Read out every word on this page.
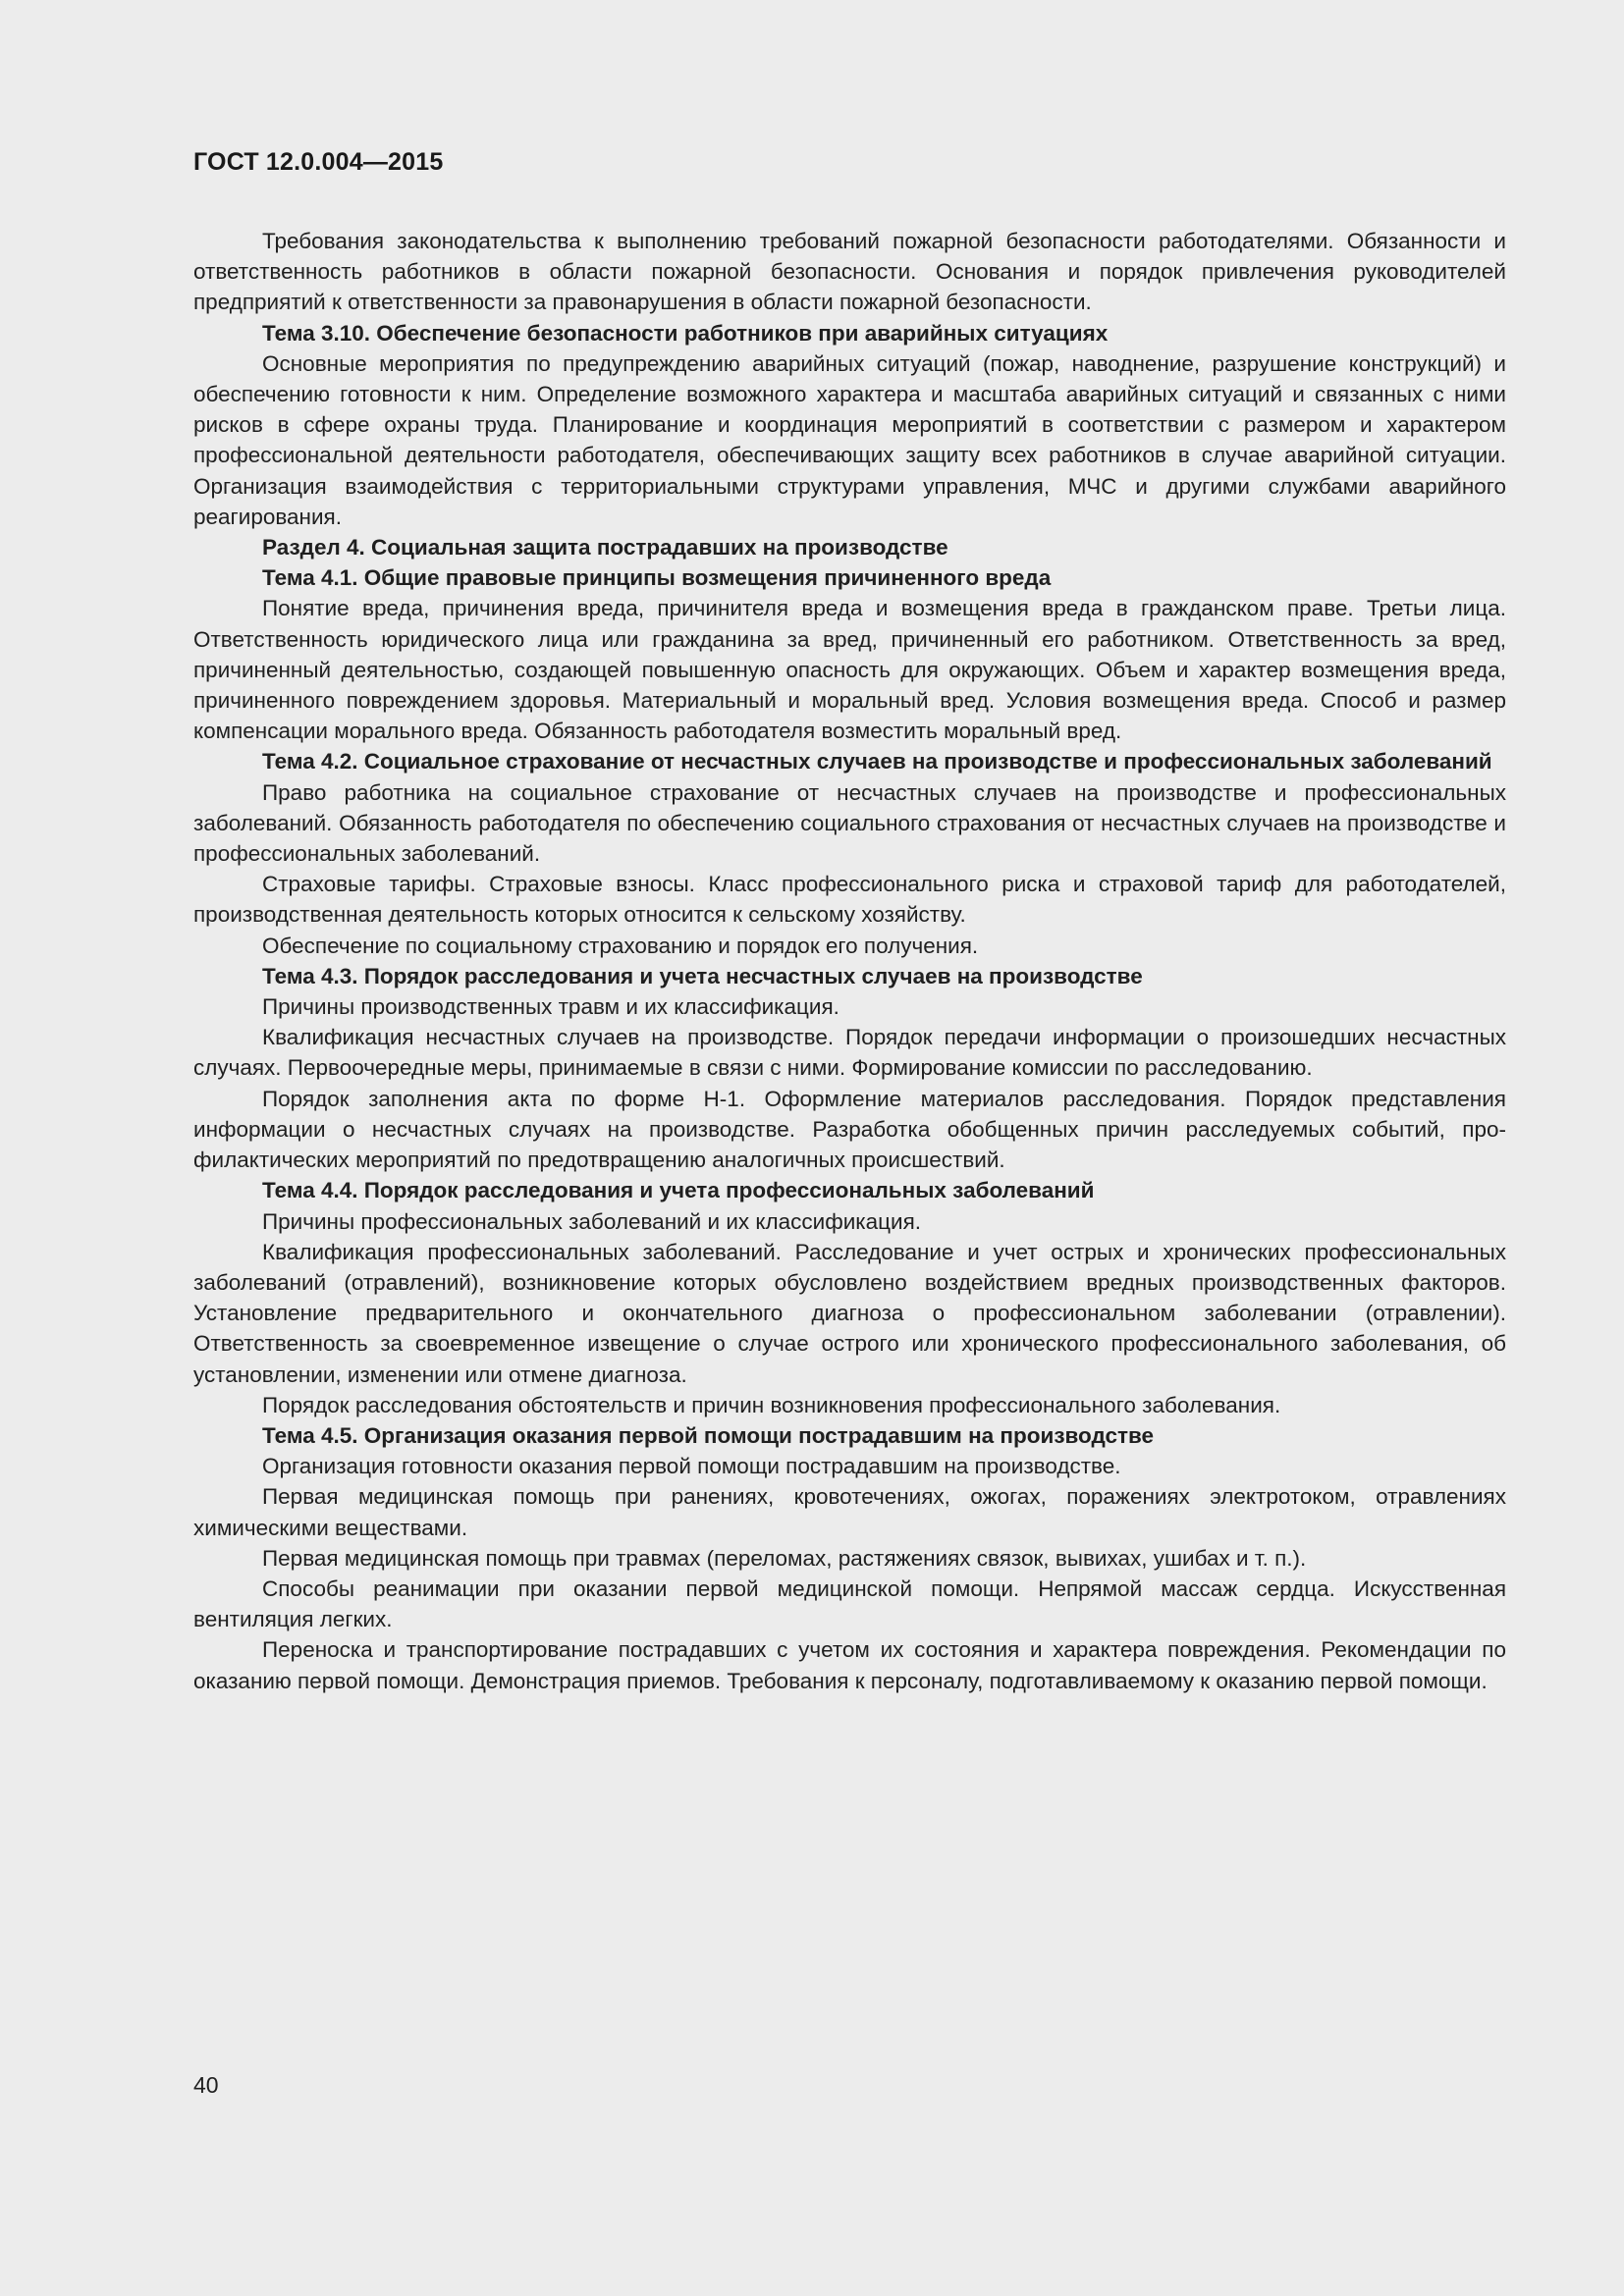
ГОСТ 12.0.004—2015

Требования законодательства к выполнению требований пожарной безопасности работодателями. Обязанности и ответственность работников в области пожарной безопасности. Основания и порядок привлечения руководителей предприятий к ответственности за правонарушения в области пожарной безопасности.

Тема 3.10. Обеспечение безопасности работников при аварийных ситуациях

Основные мероприятия по предупреждению аварийных ситуаций (пожар, наводнение, разрушение конструкций) и обеспечению готовности к ним. Определение возможного характера и масштаба аварийных ситуаций и связанных с ними рисков в сфере охраны труда. Планирование и координация мероприятий в соответствии с размером и характером профессиональной деятельности работодателя, обеспечивающих защиту всех работников в случае аварийной ситуации. Организация взаимодействия с территориальными структурами управления, МЧС и другими службами аварийного реагирования.

Раздел 4. Социальная защита пострадавших на производстве

Тема 4.1. Общие правовые принципы возмещения причиненного вреда

Понятие вреда, причинения вреда, причинителя вреда и возмещения вреда в гражданском праве. Третьи лица. Ответственность юридического лица или гражданина за вред, причиненный его работником. Ответственность за вред, причиненный деятельностью, создающей повышенную опасность для окружающих. Объем и характер возмещения вреда, причиненного повреждением здоровья. Материальный и моральный вред. Условия возмещения вреда. Способ и размер компенсации морального вреда. Обязанность работодателя возместить моральный вред.

Тема 4.2. Социальное страхование от несчастных случаев на производстве и профессиональных заболеваний

Право работника на социальное страхование от несчастных случаев на производстве и профессиональных заболеваний. Обязанность работодателя по обеспечению социального страхования от несчастных случаев на производстве и профессиональных заболеваний.

Страховые тарифы. Страховые взносы. Класс профессионального риска и страховой тариф для работодателей, производственная деятельность которых относится к сельскому хозяйству.

Обеспечение по социальному страхованию и порядок его получения.

Тема 4.3. Порядок расследования и учета несчастных случаев на производстве

Причины производственных травм и их классификация.

Квалификация несчастных случаев на производстве. Порядок передачи информации о произошедших несчастных случаях. Первоочередные меры, принимаемые в связи с ними. Формирование комиссии по расследованию.

Порядок заполнения акта по форме Н-1. Оформление материалов расследования. Порядок представления информации о несчастных случаях на производстве. Разработка обобщенных причин расследуемых событий, профилактических мероприятий по предотвращению аналогичных происшествий.

Тема 4.4. Порядок расследования и учета профессиональных заболеваний

Причины профессиональных заболеваний и их классификация.

Квалификация профессиональных заболеваний. Расследование и учет острых и хронических профессиональных заболеваний (отравлений), возникновение которых обусловлено воздействием вредных производственных факторов. Установление предварительного и окончательного диагноза о профессиональном заболевании (отравлении). Ответственность за своевременное извещение о случае острого или хронического профессионального заболевания, об установлении, изменении или отмене диагноза.

Порядок расследования обстоятельств и причин возникновения профессионального заболевания.

Тема 4.5. Организация оказания первой помощи пострадавшим на производстве

Организация готовности оказания первой помощи пострадавшим на производстве.

Первая медицинская помощь при ранениях, кровотечениях, ожогах, поражениях электротоком, отравлениях химическими веществами.

Первая медицинская помощь при травмах (переломах, растяжениях связок, вывихах, ушибах и т. п.).

Способы реанимации при оказании первой медицинской помощи. Непрямой массаж сердца. Искусственная вентиляция легких.

Переноска и транспортирование пострадавших с учетом их состояния и характера повреждения. Рекомендации по оказанию первой помощи. Демонстрация приемов. Требования к персоналу, подготавливаемому к оказанию первой помощи.

40
